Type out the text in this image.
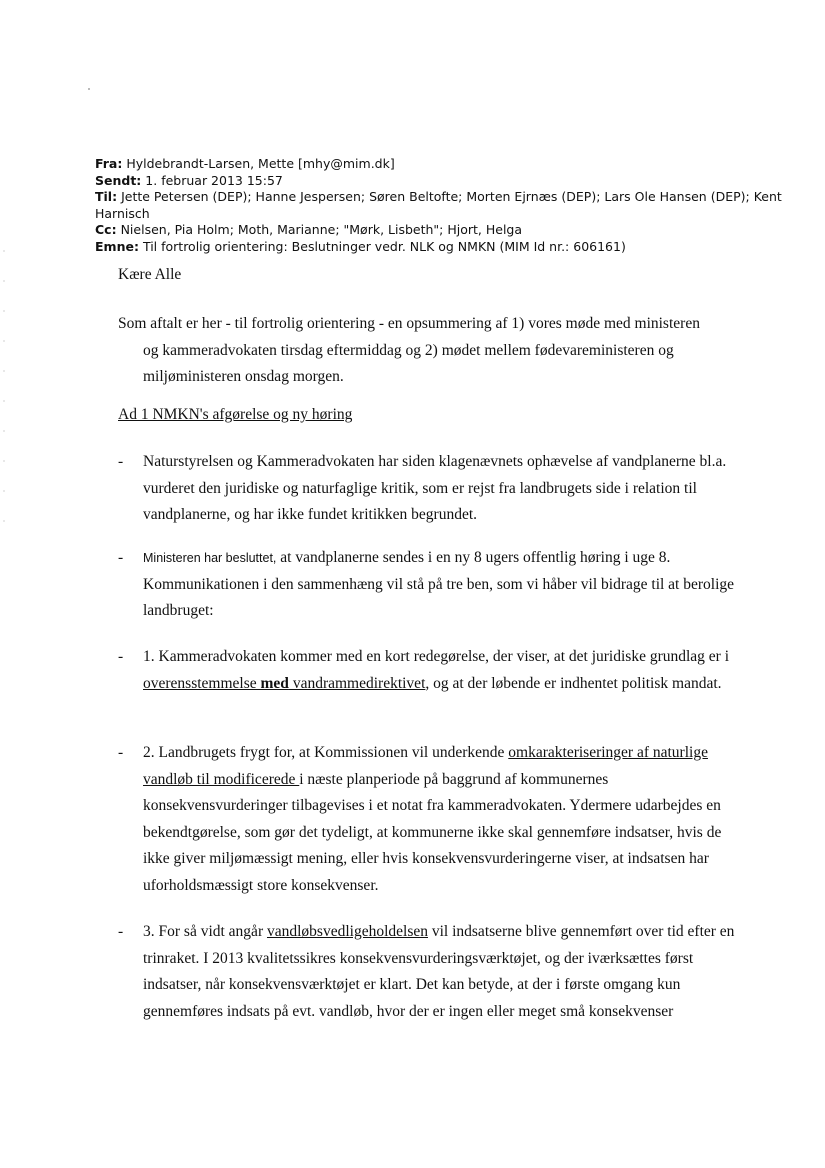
Fra: Hyldebrandt-Larsen, Mette [mhy@mim.dk]
Sendt: 1. februar 2013 15:57
Til: Jette Petersen (DEP); Hanne Jespersen; Søren Beltofte; Morten Ejrnæs (DEP); Lars Ole Hansen (DEP); Kent Harnisch
Cc: Nielsen, Pia Holm; Moth, Marianne; "Mørk, Lisbeth"; Hjort, Helga
Emne: Til fortrolig orientering: Beslutninger vedr. NLK og NMKN (MIM Id nr.: 606161)
Kære Alle
Som aftalt er her - til fortrolig orientering - en opsummering af 1) vores møde med ministeren
og kammeradvokaten tirsdag eftermiddag og 2) mødet mellem fødevareministeren og miljøministeren onsdag morgen.
Ad 1 NMKN's afgørelse og ny høring
- Naturstyrelsen og Kammeradvokaten har siden klagenævnets ophævelse af vandplanerne bl.a. vurderet den juridiske og naturfaglige kritik, som er rejst fra landbrugets side i relation til vandplanerne, og har ikke fundet kritikken begrundet.
- Ministeren har besluttet, at vandplanerne sendes i en ny 8 ugers offentlig høring i uge 8. Kommunikationen i den sammenhæng vil stå på tre ben, som vi håber vil bidrage til at berolige landbruget:
- 1. Kammeradvokaten kommer med en kort redegørelse, der viser, at det juridiske grundlag er i overensstemmelse med vandrammedirektivet, og at der løbende er indhentet politisk mandat.
- 2. Landbrugets frygt for, at Kommissionen vil underkende omkarakteriseringer af naturlige vandløb til modificerede i næste planperiode på baggrund af kommunernes konsekvensvurderinger tilbagevises i et notat fra kammeradvokaten. Ydermere udarbejdes en bekendtgørelse, som gør det tydeligt, at kommunerne ikke skal gennemføre indsatser, hvis de ikke giver miljømæssigt mening, eller hvis konsekvensvurderingerne viser, at indsatsen har uforholdsmæssigt store konsekvenser.
- 3. For så vidt angår vandløbsvedligeholdelsen vil indsatserne blive gennemført over tid efter en trinraket. I 2013 kvalitetssikres konsekvensvurderingsværktøjet, og der iværksættes først indsatser, når konsekvensværktøjet er klart. Det kan betyde, at der i første omgang kun gennemføres indsats på evt. vandløb, hvor der er ingen eller meget små konsekvenser
